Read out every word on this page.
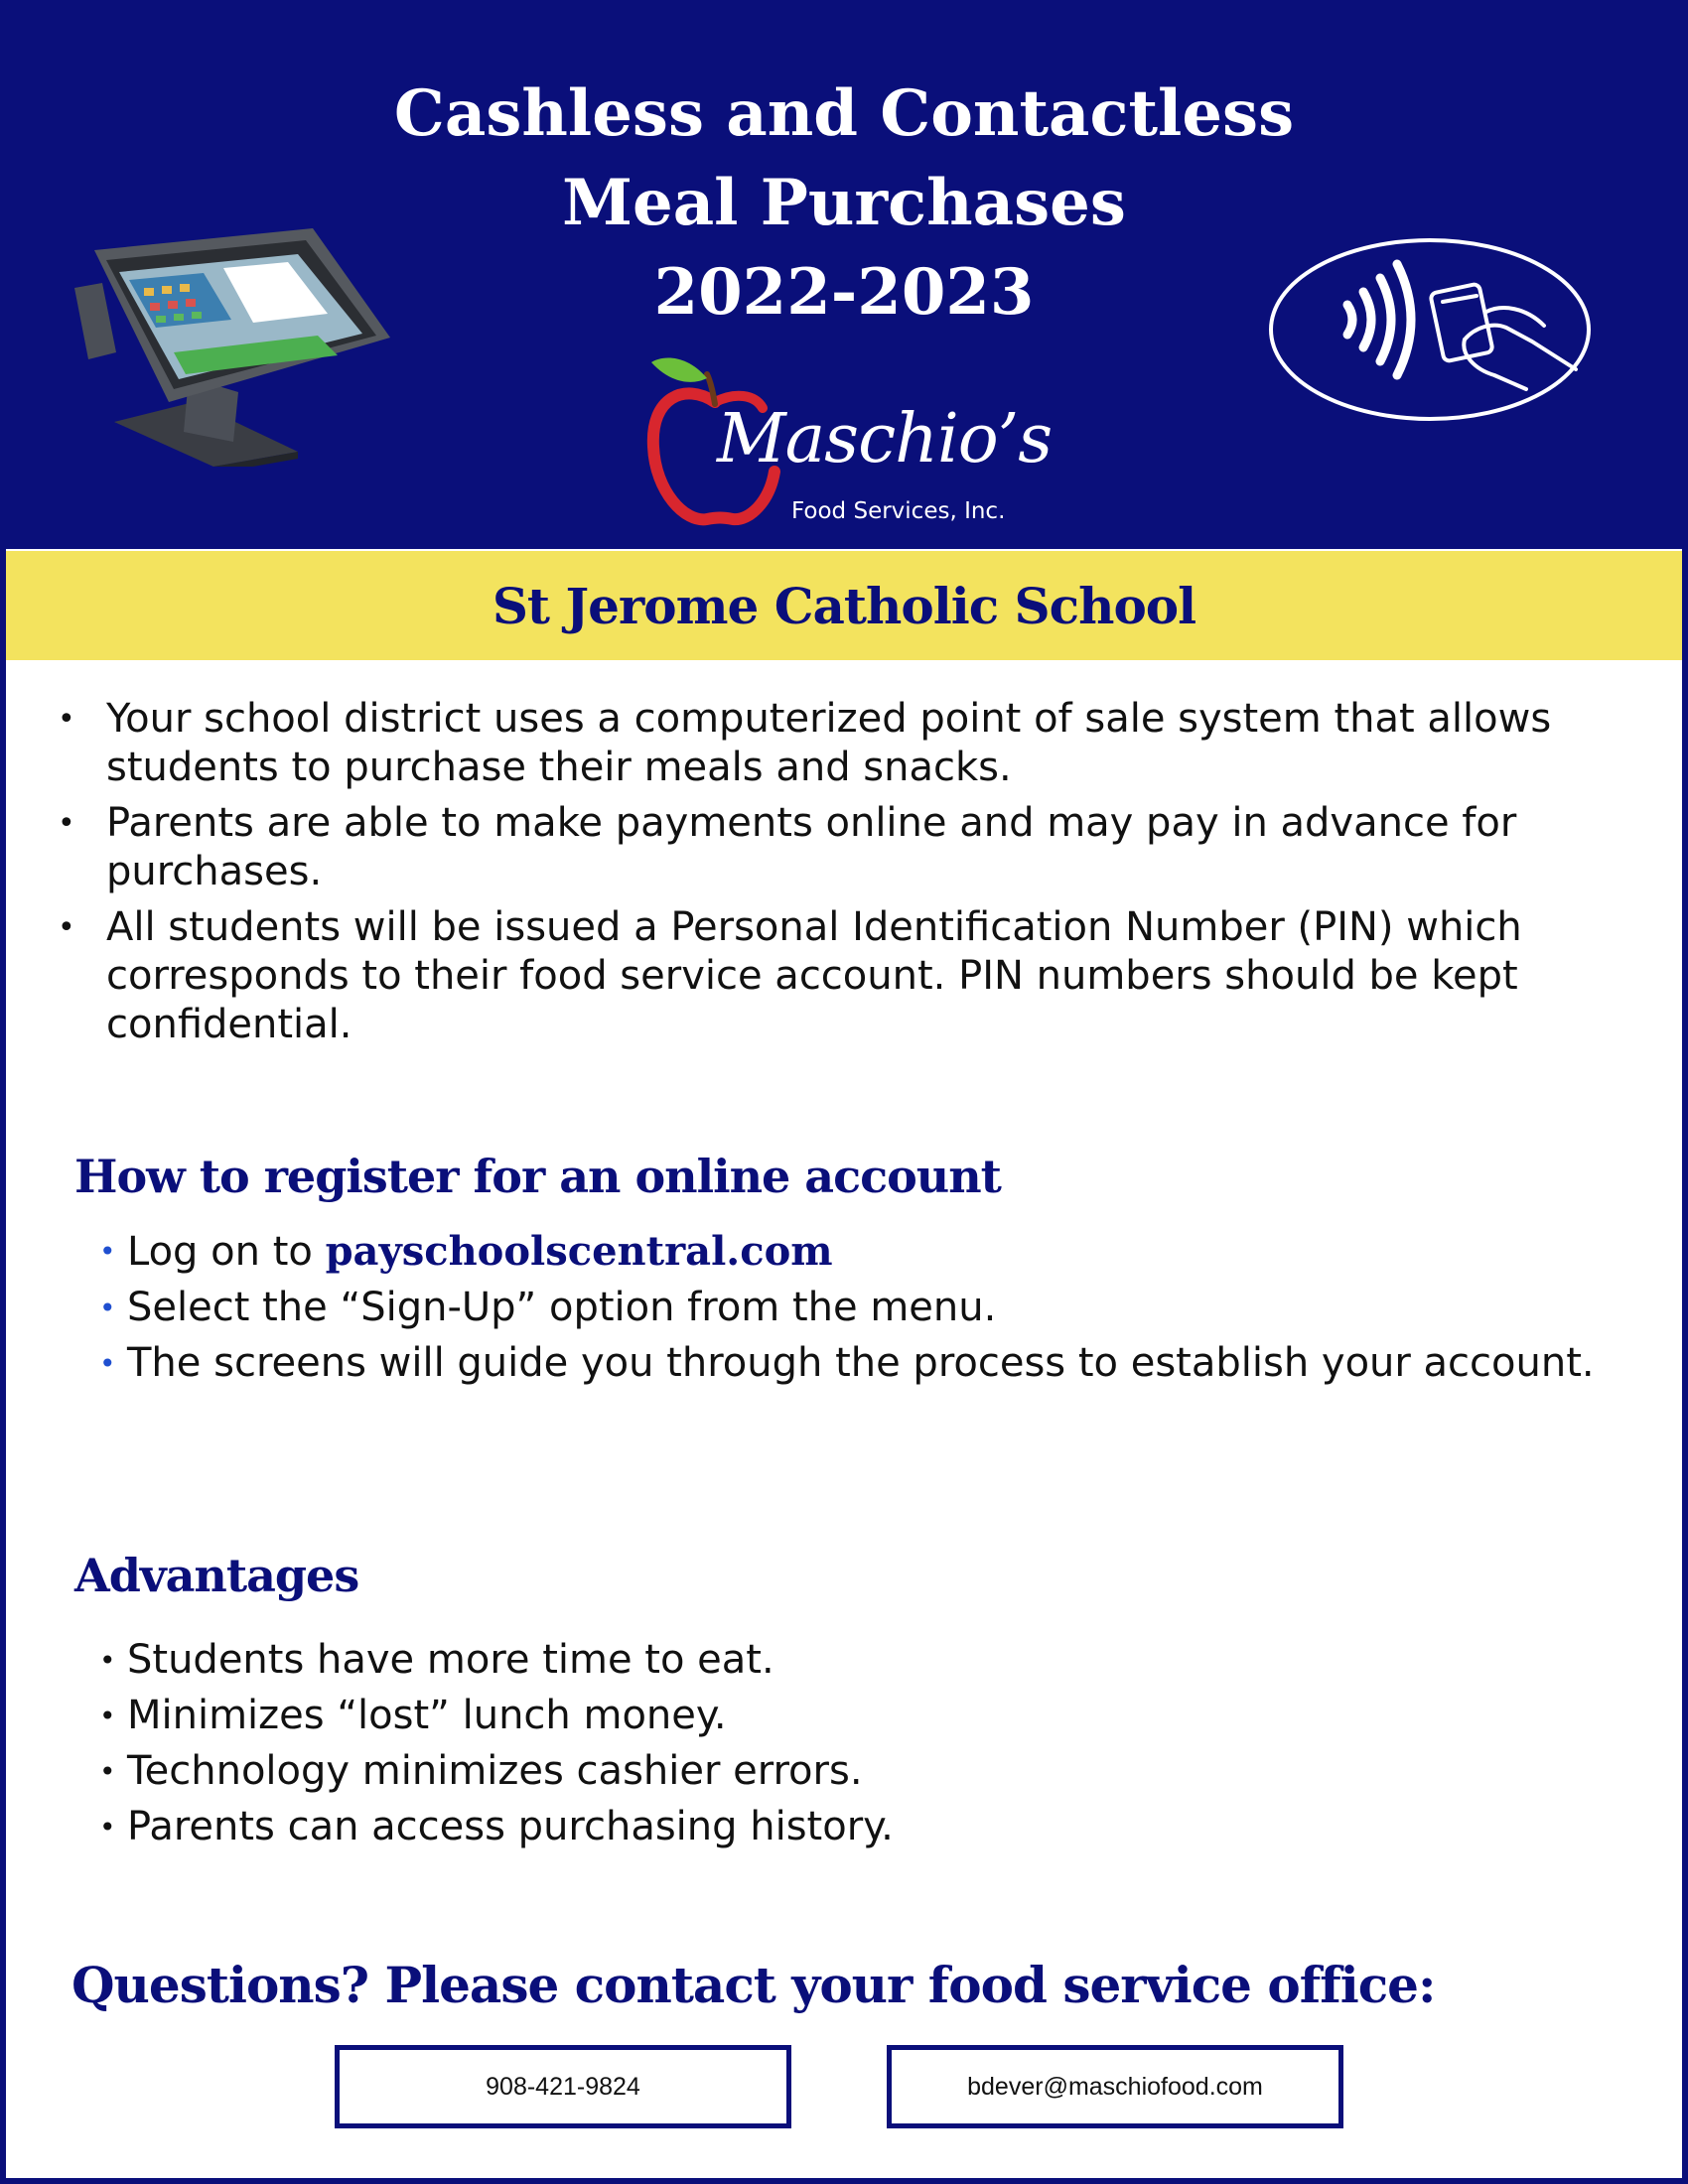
Cashless and Contactless
Meal Purchases
2022-2023
Maschio’s
Food Services, Inc.
St Jerome Catholic School
• Your school district uses a computerized point of sale system that allows students to purchase their meals and snacks.
• Parents are able to make payments online and may pay in advance for purchases.
• All students will be issued a Personal Identification Number (PIN) which corresponds to their food service account. PIN numbers should be kept confidential.
How to register for an online account
• Log on to payschoolscentral.com
• Select the “Sign-Up” option from the menu.
• The screens will guide you through the process to establish your account.
Advantages
• Students have more time to eat.
• Minimizes “lost” lunch money.
• Technology minimizes cashier errors.
• Parents can access purchasing history.
Questions? Please contact your food service office:
908-421-9824	bdever@maschiofood.com
